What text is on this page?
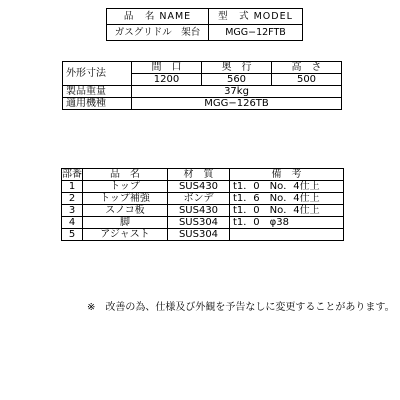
品　名 NAME	型　式 MODEL
ガスグリドル　架台	MGG−12FTB
外形寸法	間　口	奥　行	高　さ
	1200	560	500
製品重量	37kg		
適用機種	MGG−126TB		
部番	品　名	材　質	備　考
1	トップ	SUS430	t1．0　No．4仕上
2	トップ補強	ボンデ	t1．6　No．4仕上
3	スノコ板	SUS430	t1．0　No．4仕上
4	脚	SUS304	t1．0　φ38
5	アジャスト	SUS304	
※　改善の為、仕様及び外観を予告なしに変更することがあります。
